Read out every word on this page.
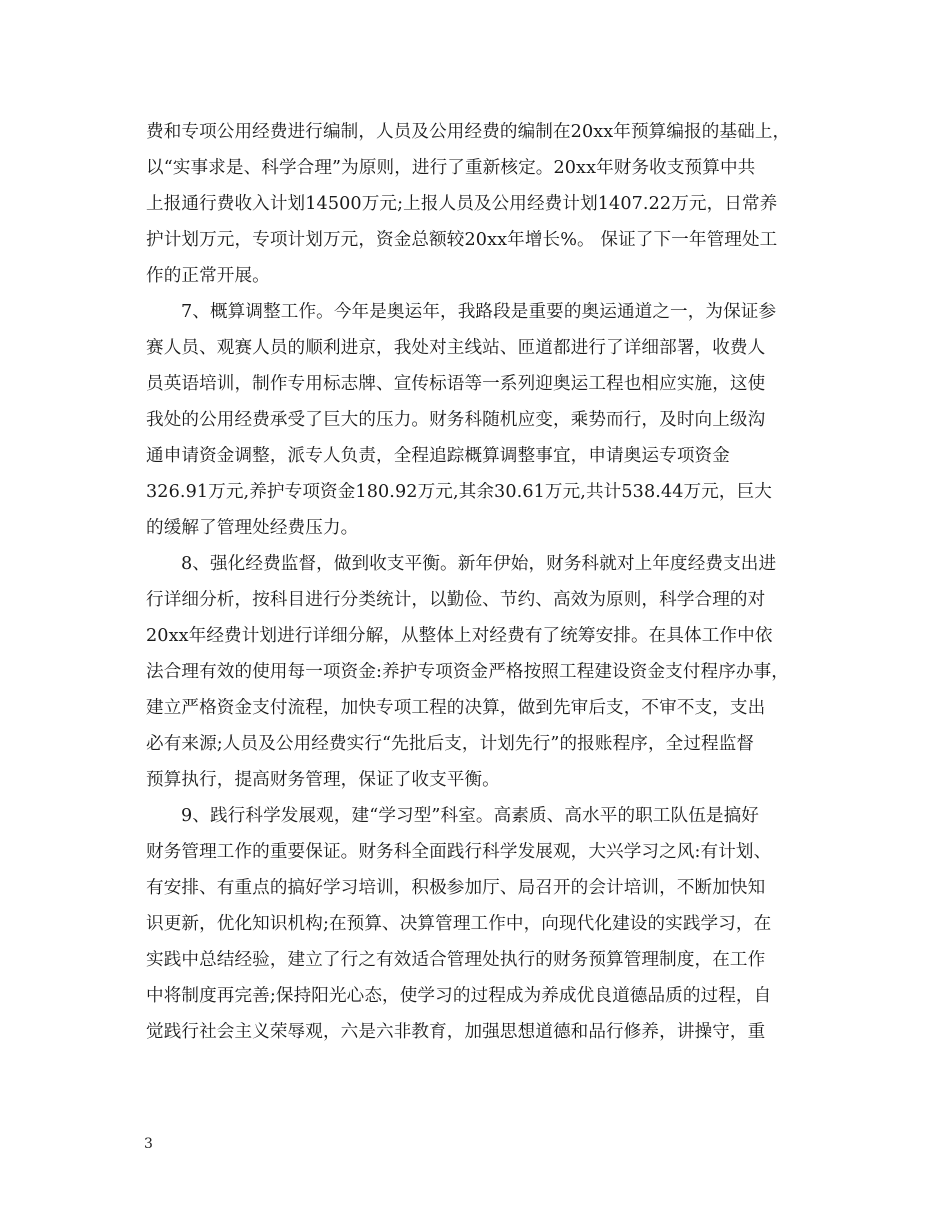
费和专项公用经费进行编制，人员及公用经费的编制在20xx年预算编报的基础上，
以“实事求是、科学合理”为原则，进行了重新核定。20xx年财务收支预算中共
上报通行费收入计划14500万元;上报人员及公用经费计划1407.22万元，日常养
护计划万元，专项计划万元，资金总额较20xx年增长%。 保证了下一年管理处工
作的正常开展。
7、概算调整工作。今年是奥运年，我路段是重要的奥运通道之一，为保证参
赛人员、观赛人员的顺利进京，我处对主线站、匝道都进行了详细部署，收费人
员英语培训，制作专用标志牌、宣传标语等一系列迎奥运工程也相应实施，这使
我处的公用经费承受了巨大的压力。财务科随机应变，乘势而行，及时向上级沟
通申请资金调整，派专人负责，全程追踪概算调整事宜，申请奥运专项资金
326.91万元,养护专项资金180.92万元,其余30.61万元,共计538.44万元，巨大
的缓解了管理处经费压力。
8、强化经费监督，做到收支平衡。新年伊始，财务科就对上年度经费支出进
行详细分析，按科目进行分类统计，以勤俭、节约、高效为原则，科学合理的对
20xx年经费计划进行详细分解，从整体上对经费有了统筹安排。在具体工作中依
法合理有效的使用每一项资金:养护专项资金严格按照工程建设资金支付程序办事，
建立严格资金支付流程，加快专项工程的决算，做到先审后支，不审不支，支出
必有来源;人员及公用经费实行“先批后支，计划先行”的报账程序，全过程监督
预算执行，提高财务管理，保证了收支平衡。
9、践行科学发展观，建“学习型”科室。高素质、高水平的职工队伍是搞好
财务管理工作的重要保证。财务科全面践行科学发展观，大兴学习之风:有计划、
有安排、有重点的搞好学习培训，积极参加厅、局召开的会计培训，不断加快知
识更新，优化知识机构;在预算、决算管理工作中，向现代化建设的实践学习，在
实践中总结经验，建立了行之有效适合管理处执行的财务预算管理制度，在工作
中将制度再完善;保持阳光心态，使学习的过程成为养成优良道德品质的过程，自
觉践行社会主义荣辱观，六是六非教育，加强思想道德和品行修养，讲操守，重
3
